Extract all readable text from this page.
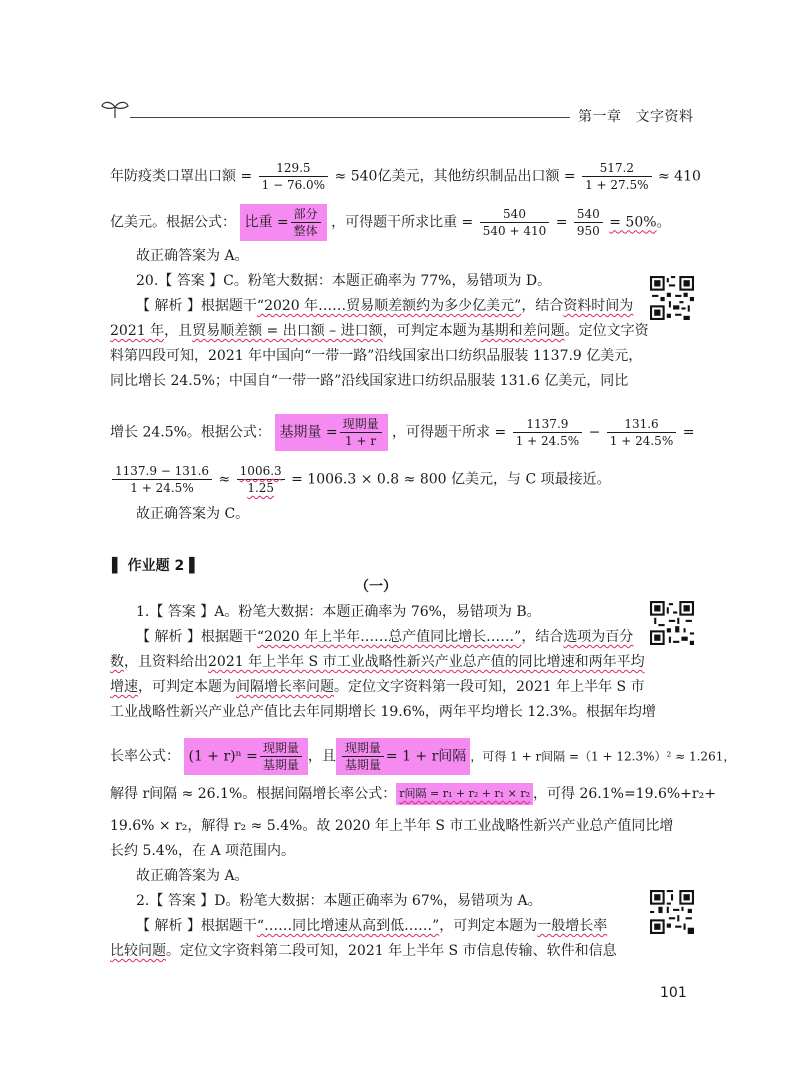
第一章 文字资料
年防疫类口罩出口额 = $\frac{129.5}{1 - 76.0\%} \approx 540$亿美元，其他纺织制品出口额 = $\frac{517.2}{1 + 27.5\%} \approx 410$
亿美元。根据公式： 比重 = $\frac{\text{部分}}{\text{整体}}$ ，可得题干所求比重 = $\frac{540}{540 + 410} = \frac{540}{950} = 50\%$。
故正确答案为 A。
20.【 答案 】C。粉笔大数据：本题正确率为 77%，易错项为 D。
【 解析 】根据题干“2020 年……贸易顺差额约为多少亿美元”，结合资料时间为
2021 年，且贸易顺差额 = 出口额 – 进口额，可判定本题为基期和差问题。定位文字资
料第四段可知，2021 年中国向“一带一路”沿线国家出口纺织品服装 1137.9 亿美元，
同比增长 24.5%；中国自“一带一路”沿线国家进口纺织品服装 131.6 亿美元，同比
增长 24.5%。根据公式： 基期量 = $\frac{\text{现期量}}{1 + r}$ ，可得题干所求 = $\frac{1137.9}{1 + 24.5\%} - \frac{131.6}{1 + 24.5\%}$ =
$\frac{1137.9 - 131.6}{1 + 24.5\%} \approx \frac{1006.3}{1.25} = 1006.3 \times 0.8 \approx 800$ 亿美元，与 C 项最接近。
故正确答案为 C。
▌ 作业题 2 ▌
（一）
1.【 答案 】A。粉笔大数据：本题正确率为 76%，易错项为 B。
【 解析 】根据题干“2020 年上半年……总产值同比增长……”，结合选项为百分
数，且资料给出2021 年上半年 S 市工业战略性新兴产业总产值的同比增速和两年平均
增速，可判定本题为间隔增长率问题。定位文字资料第一段可知，2021 年上半年 S 市
工业战略性新兴产业总产值比去年同期增长 19.6%，两年平均增长 12.3%。根据年均增
长率公式： $(1 + r)^n = \frac{\text{现期量}}{\text{基期量}}$ ，且 $\frac{\text{现期量}}{\text{基期量}} = 1 + r$间隔 ，可得 1 + r间隔 =（1 + 12.3%）² ≈ 1.261，
解得 r间隔 ≈ 26.1%。根据间隔增长率公式： r间隔 = r₁ + r₂ + r₁ × r₂ ，可得 26.1%=19.6%+r₂+
19.6% × r₂，解得 r₂ ≈ 5.4%。故 2020 年上半年 S 市工业战略性新兴产业总产值同比增
长约 5.4%，在 A 项范围内。
故正确答案为 A。
2.【 答案 】D。粉笔大数据：本题正确率为 67%，易错项为 A。
【 解析 】根据题干“……同比增速从高到低……”，可判定本题为一般增长率
比较问题。定位文字资料第二段可知，2021 年上半年 S 市信息传输、软件和信息
101
